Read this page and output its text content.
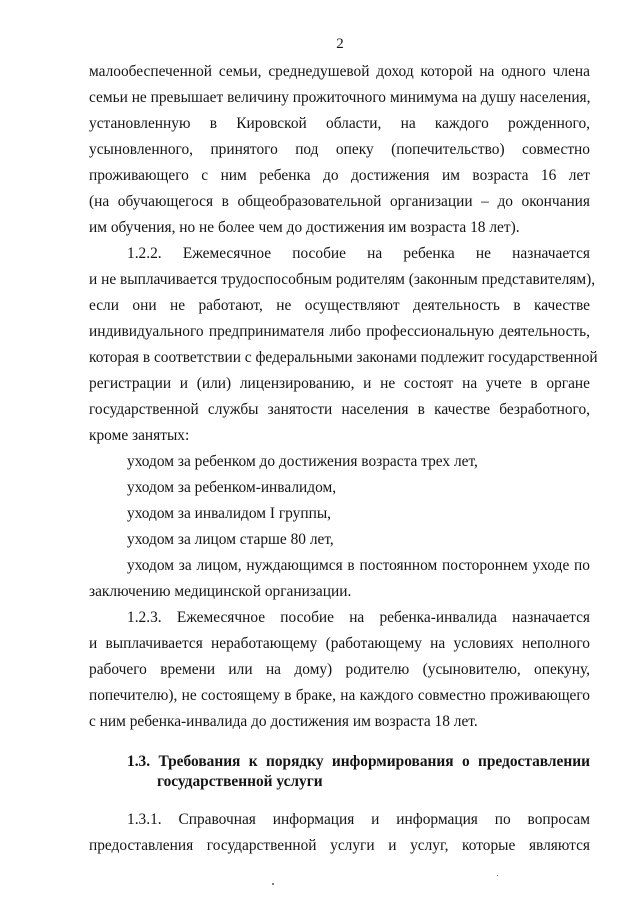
2
малообеспеченной семьи, среднедушевой доход которой на одного члена
семьи не превышает величину прожиточного минимума на душу населения,
установленную в Кировской области, на каждого рожденного,
усыновленного, принятого под опеку (попечительство) совместно
проживающего с ним ребенка до достижения им возраста 16 лет
(на обучающегося в общеобразовательной организации – до окончания
им обучения, но не более чем до достижения им возраста 18 лет).
1.2.2. Ежемесячное пособие на ребенка не назначается
и не выплачивается трудоспособным родителям (законным представителям),
если они не работают, не осуществляют деятельность в качестве
индивидуального предпринимателя либо профессиональную деятельность,
которая в соответствии с федеральными законами подлежит государственной
регистрации и (или) лицензированию, и не состоят на учете в органе
государственной службы занятости населения в качестве безработного,
кроме занятых:
уходом за ребенком до достижения возраста трех лет,
уходом за ребенком-инвалидом,
уходом за инвалидом I группы,
уходом за лицом старше 80 лет,
уходом за лицом, нуждающимся в постоянном постороннем уходе по
заключению медицинской организации.
1.2.3. Ежемесячное пособие на ребенка-инвалида назначается
и выплачивается неработающему (работающему на условиях неполного
рабочего времени или на дому) родителю (усыновителю, опекуну,
попечителю), не состоящему в браке, на каждого совместно проживающего
с ним ребенка-инвалида до достижения им возраста 18 лет.
1.3. Требования к порядку информирования о предоставлении
государственной услуги
1.3.1. Справочная информация и информация по вопросам
предоставления государственной услуги и услуг, которые являются
